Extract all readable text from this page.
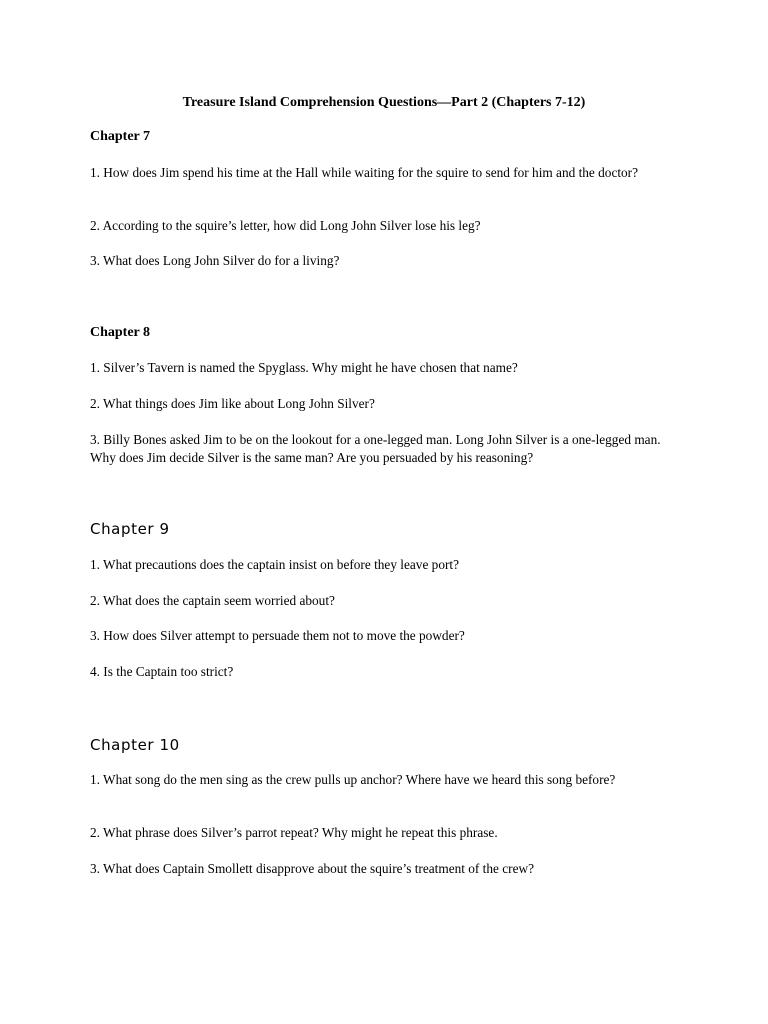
Treasure Island Comprehension Questions—Part 2 (Chapters 7-12)
Chapter 7
1. How does Jim spend his time at the Hall while waiting for the squire to send for him and the doctor?
2. According to the squire’s letter, how did Long John Silver lose his leg?
3. What does Long John Silver do for a living?
Chapter 8
1. Silver’s Tavern is named the Spyglass. Why might he have chosen that name?
2. What things does Jim like about Long John Silver?
3. Billy Bones asked Jim to be on the lookout for a one-legged man. Long John Silver is a one-legged man. Why does Jim decide Silver is the same man? Are you persuaded by his reasoning?
Chapter 9
1. What precautions does the captain insist on before they leave port?
2. What does the captain seem worried about?
3. How does Silver attempt to persuade them not to move the powder?
4. Is the Captain too strict?
Chapter 10
1. What song do the men sing as the crew pulls up anchor? Where have we heard this song before?
2. What phrase does Silver’s parrot repeat? Why might he repeat this phrase.
3. What does Captain Smollett disapprove about the squire’s treatment of the crew?
